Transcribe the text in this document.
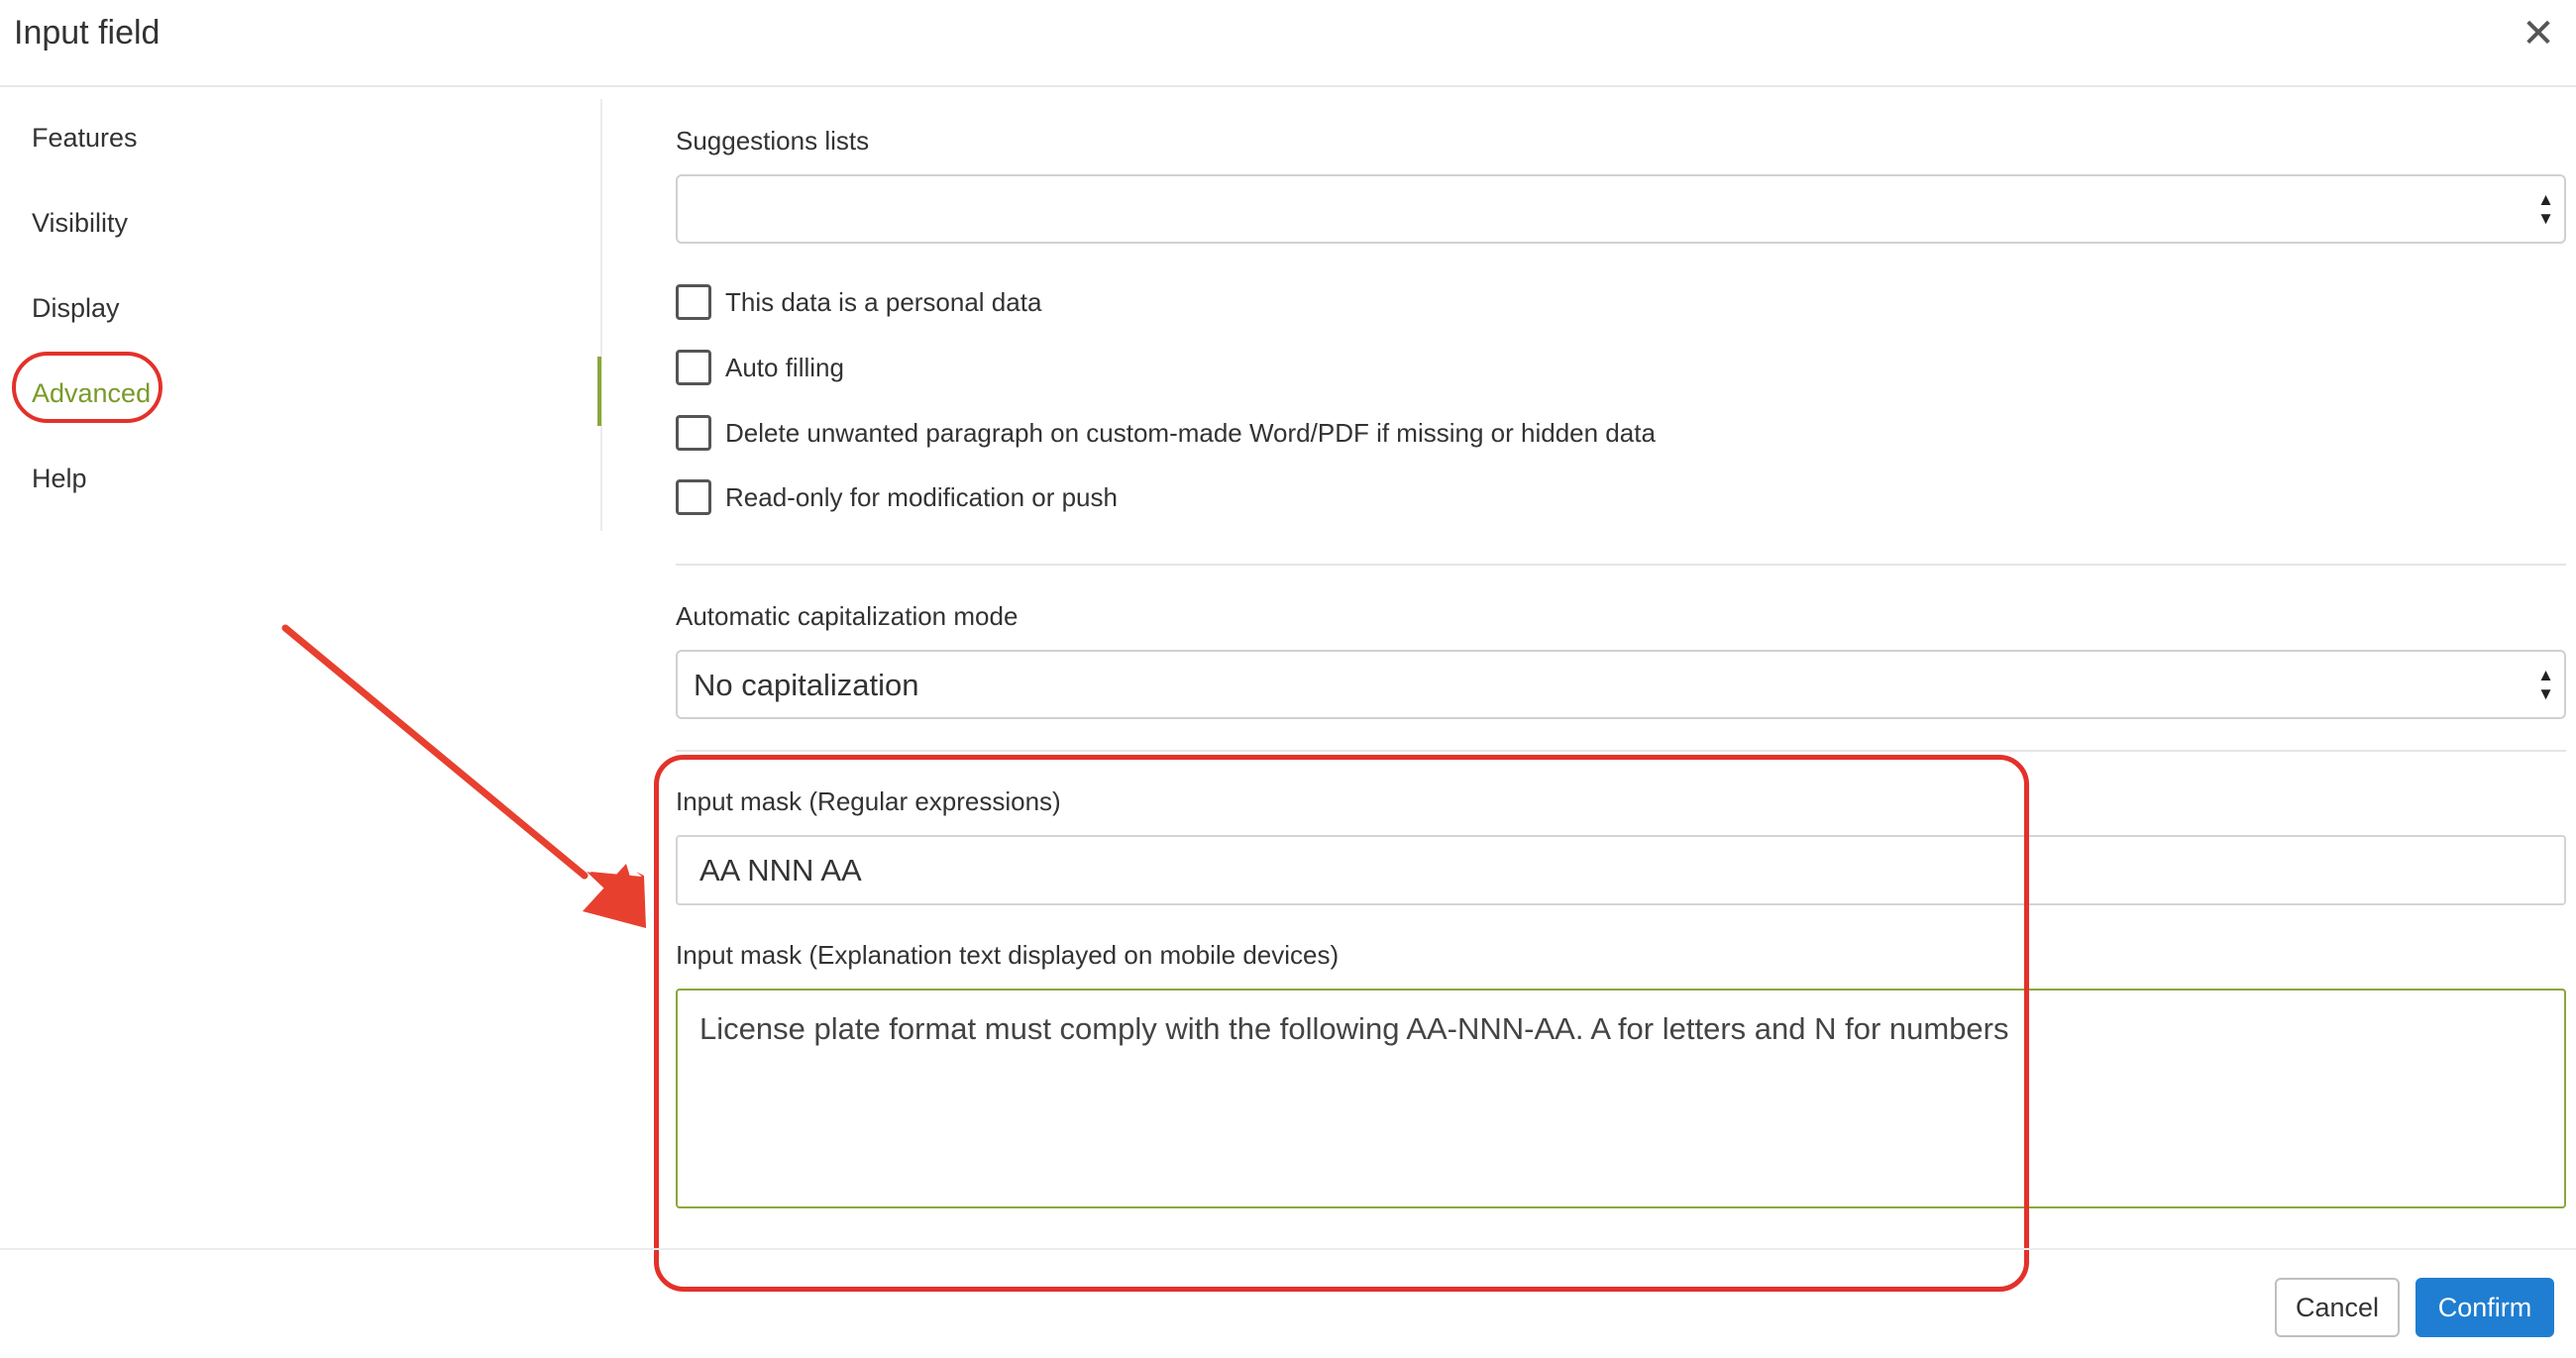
Input field	✕
Features
Visibility
Display
Advanced
Help
Suggestions lists
▲
▼
This data is a personal data
Auto filling
Delete unwanted paragraph on custom-made Word/PDF if missing or hidden data
Read-only for modification or push
Automatic capitalization mode
No capitalization	▲
▼
Input mask (Regular expressions)
AA NNN AA
Input mask (Explanation text displayed on mobile devices)
License plate format must comply with the following AA-NNN-AA. A for letters and N for numbers
Cancel	Confirm
